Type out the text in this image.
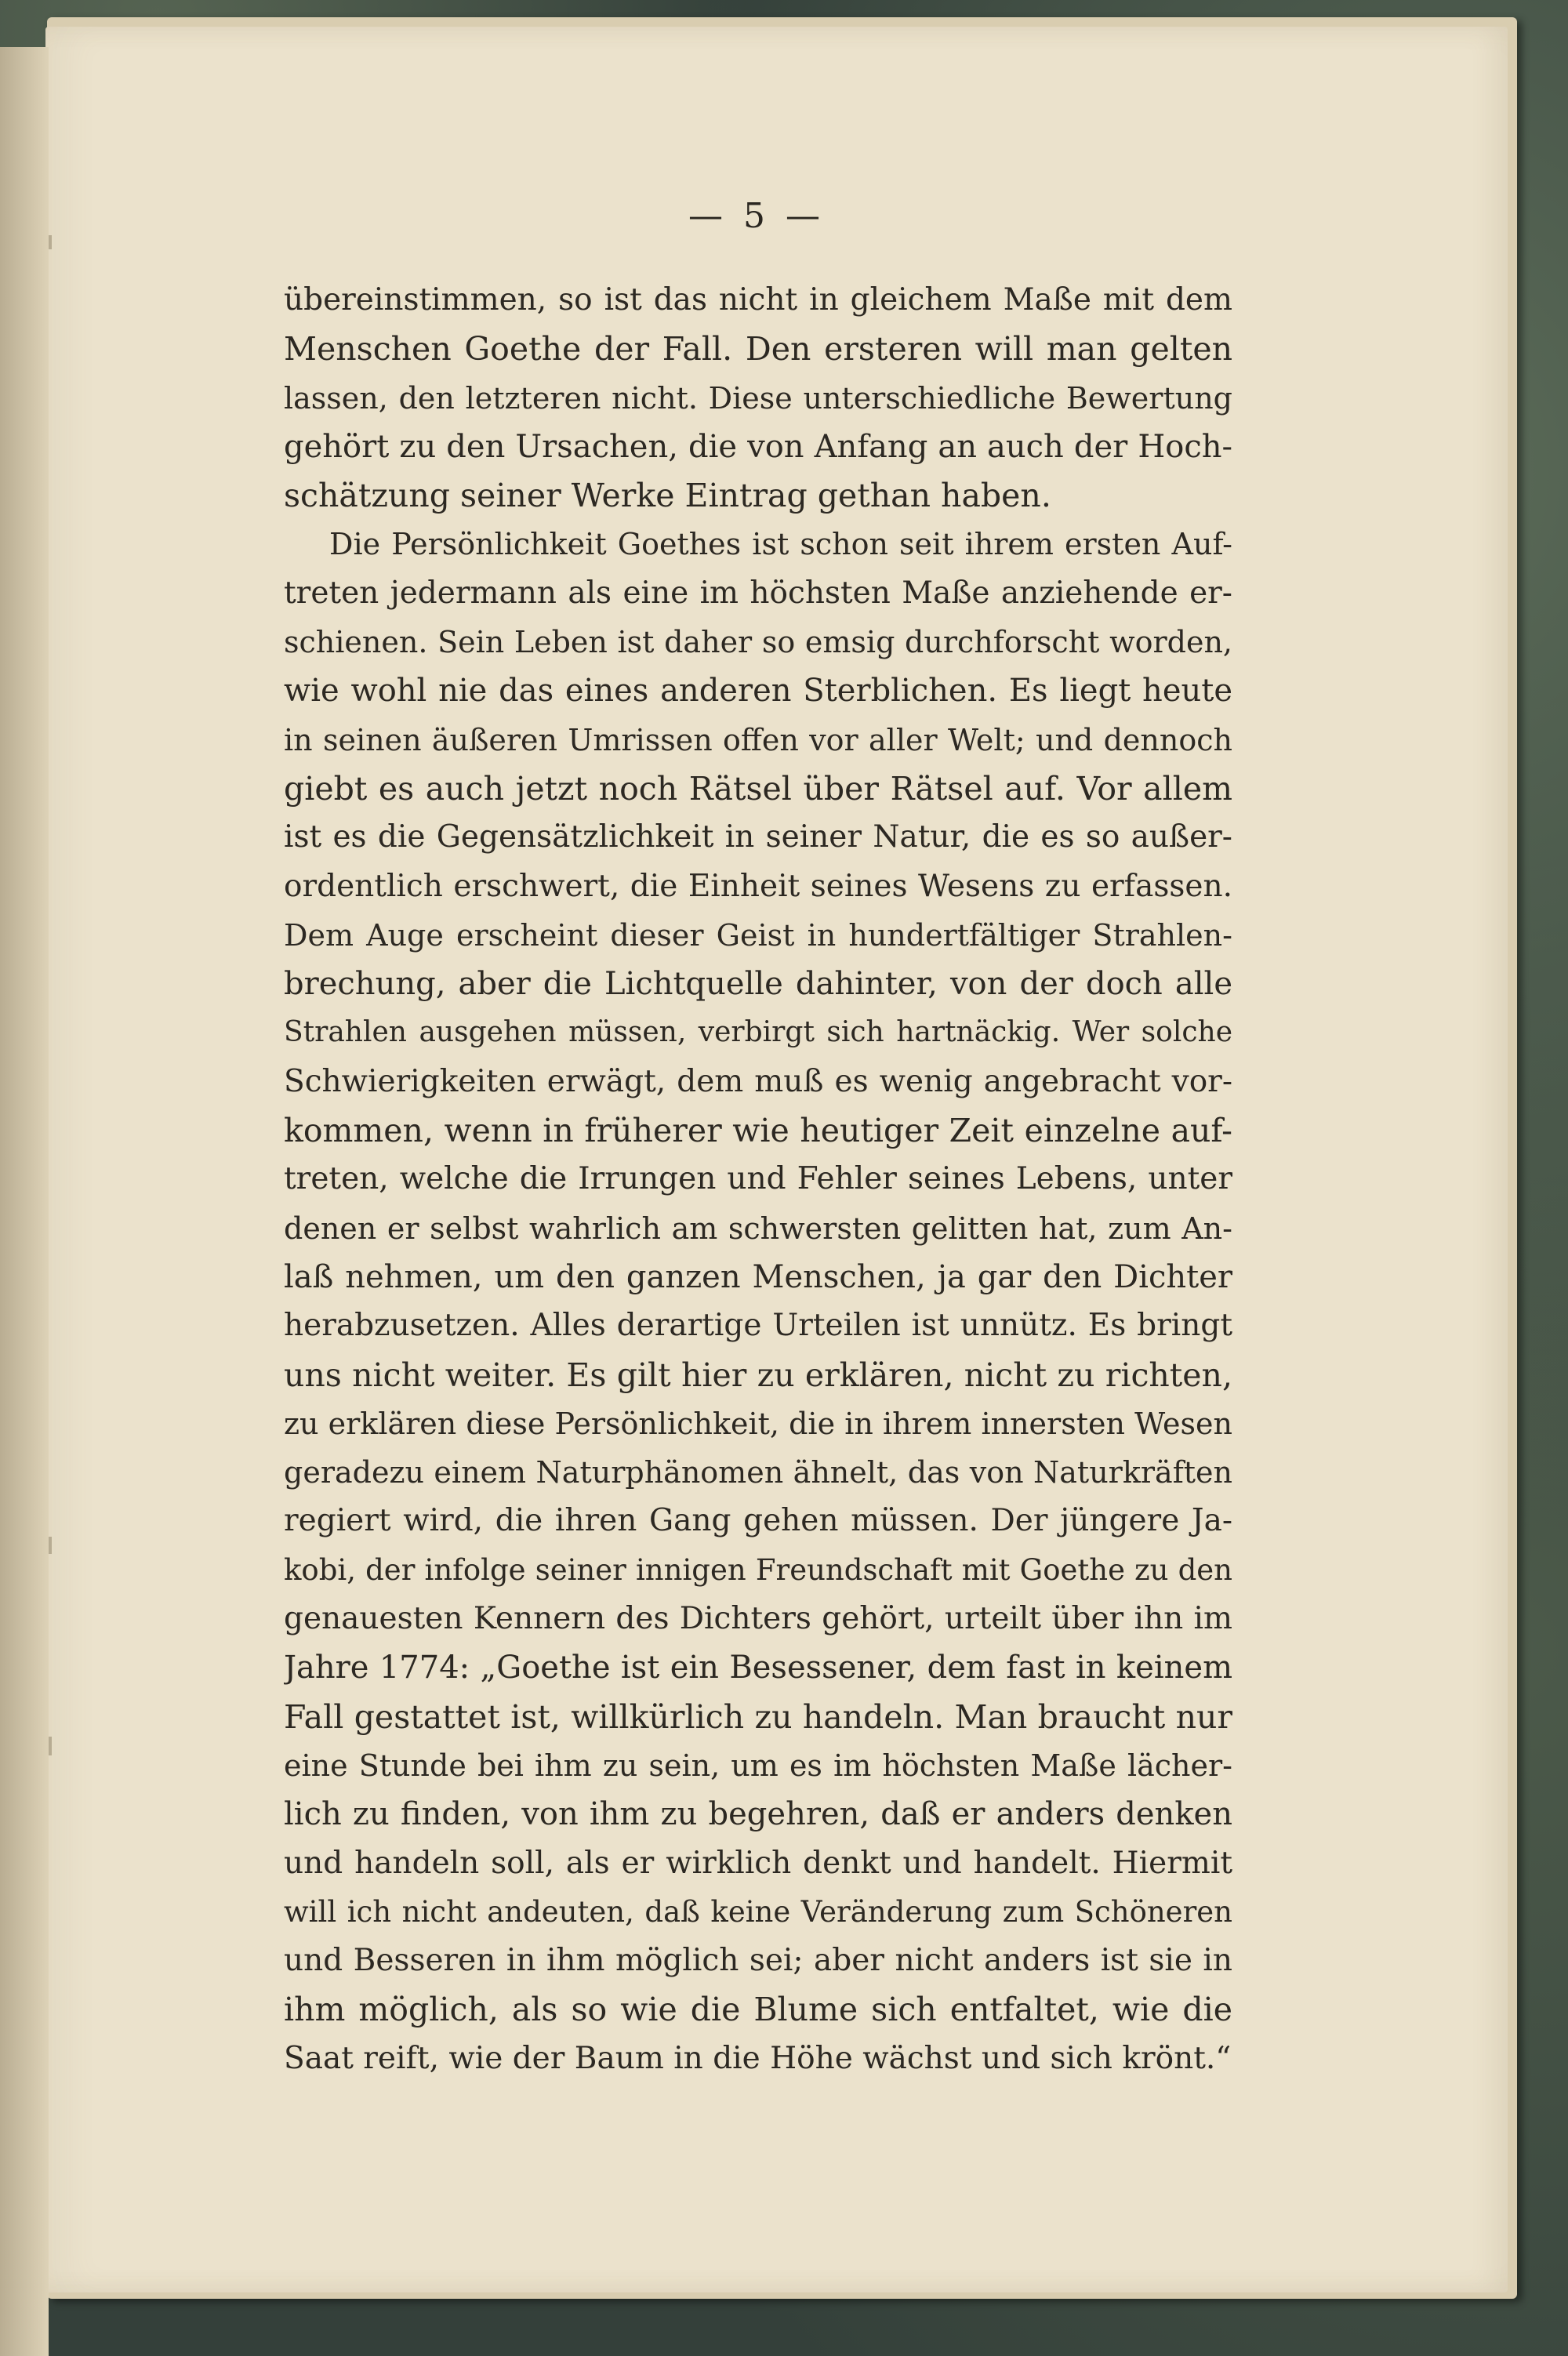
— 5 —
übereinstimmen, so ist das nicht in gleichem Maße mit dem
Menschen Goethe der Fall. Den ersteren will man gelten
lassen, den letzteren nicht. Diese unterschiedliche Bewertung
gehört zu den Ursachen, die von Anfang an auch der Hoch-
schätzung seiner Werke Eintrag gethan haben.
Die Persönlichkeit Goethes ist schon seit ihrem ersten Auf-
treten jedermann als eine im höchsten Maße anziehende er-
schienen. Sein Leben ist daher so emsig durchforscht worden,
wie wohl nie das eines anderen Sterblichen. Es liegt heute
in seinen äußeren Umrissen offen vor aller Welt; und dennoch
giebt es auch jetzt noch Rätsel über Rätsel auf. Vor allem
ist es die Gegensätzlichkeit in seiner Natur, die es so außer-
ordentlich erschwert, die Einheit seines Wesens zu erfassen.
Dem Auge erscheint dieser Geist in hundertfältiger Strahlen-
brechung, aber die Lichtquelle dahinter, von der doch alle
Strahlen ausgehen müssen, verbirgt sich hartnäckig. Wer solche
Schwierigkeiten erwägt, dem muß es wenig angebracht vor-
kommen, wenn in früherer wie heutiger Zeit einzelne auf-
treten, welche die Irrungen und Fehler seines Lebens, unter
denen er selbst wahrlich am schwersten gelitten hat, zum An-
laß nehmen, um den ganzen Menschen, ja gar den Dichter
herabzusetzen. Alles derartige Urteilen ist unnütz. Es bringt
uns nicht weiter. Es gilt hier zu erklären, nicht zu richten,
zu erklären diese Persönlichkeit, die in ihrem innersten Wesen
geradezu einem Naturphänomen ähnelt, das von Naturkräften
regiert wird, die ihren Gang gehen müssen. Der jüngere Ja-
kobi, der infolge seiner innigen Freundschaft mit Goethe zu den
genauesten Kennern des Dichters gehört, urteilt über ihn im
Jahre 1774: „Goethe ist ein Besessener, dem fast in keinem
Fall gestattet ist, willkürlich zu handeln. Man braucht nur
eine Stunde bei ihm zu sein, um es im höchsten Maße lächer-
lich zu finden, von ihm zu begehren, daß er anders denken
und handeln soll, als er wirklich denkt und handelt. Hiermit
will ich nicht andeuten, daß keine Veränderung zum Schöneren
und Besseren in ihm möglich sei; aber nicht anders ist sie in
ihm möglich, als so wie die Blume sich entfaltet, wie die
Saat reift, wie der Baum in die Höhe wächst und sich krönt.“
